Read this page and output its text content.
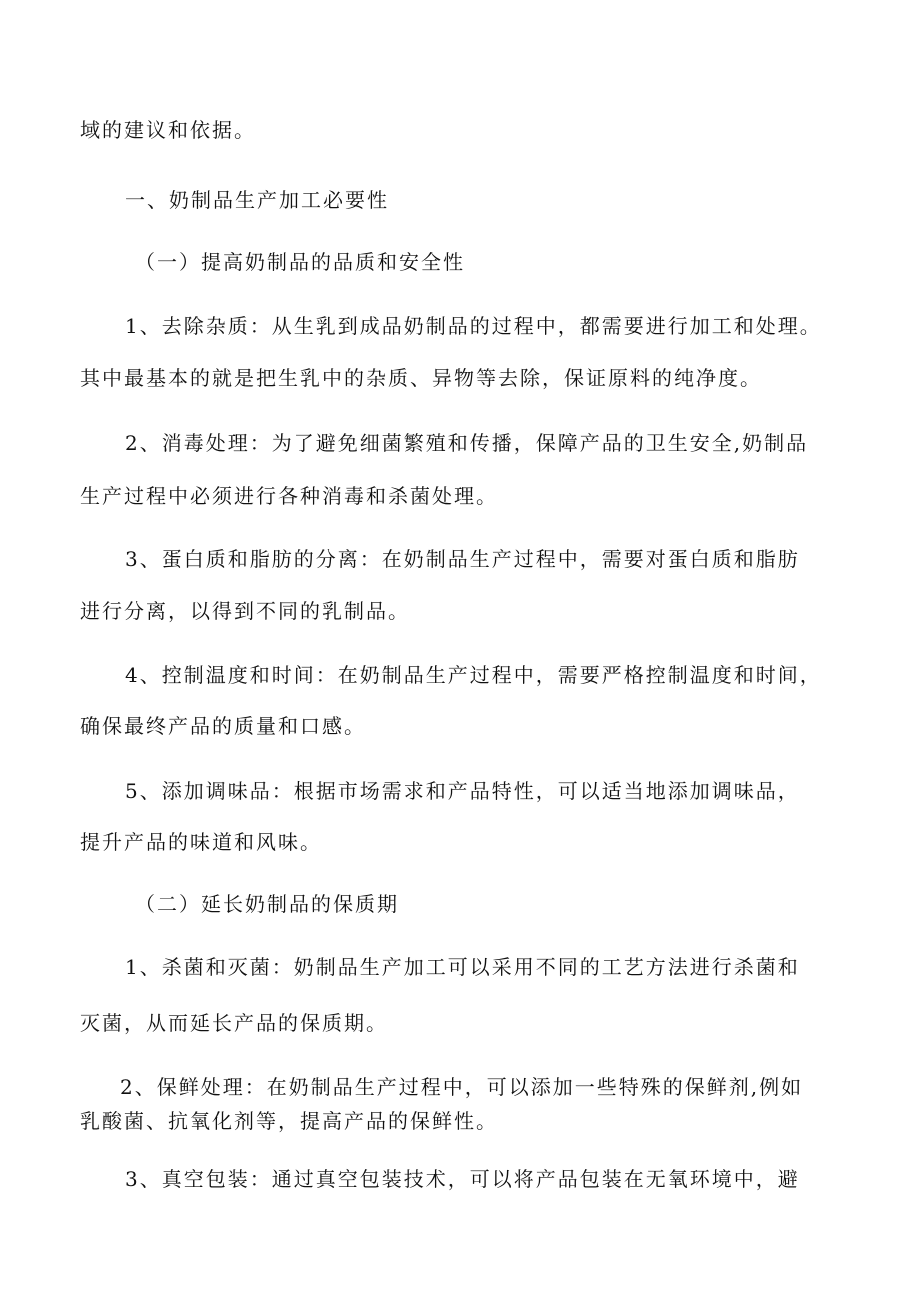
域的建议和依据。
一、奶制品生产加工必要性
（一）提高奶制品的品质和安全性
1、去除杂质：从生乳到成品奶制品的过程中，都需要进行加工和处理。
其中最基本的就是把生乳中的杂质、异物等去除，保证原料的纯净度。
2、消毒处理：为了避免细菌繁殖和传播，保障产品的卫生安全,奶制品
生产过程中必须进行各种消毒和杀菌处理。
3、蛋白质和脂肪的分离：在奶制品生产过程中，需要对蛋白质和脂肪
进行分离，以得到不同的乳制品。
4、控制温度和时间：在奶制品生产过程中，需要严格控制温度和时间，
确保最终产品的质量和口感。
5、添加调味品：根据市场需求和产品特性，可以适当地添加调味品，
提升产品的味道和风味。
（二）延长奶制品的保质期
1、杀菌和灭菌：奶制品生产加工可以采用不同的工艺方法进行杀菌和
灭菌，从而延长产品的保质期。
2、保鲜处理：在奶制品生产过程中，可以添加一些特殊的保鲜剂,例如
乳酸菌、抗氧化剂等，提高产品的保鲜性。
3、真空包装：通过真空包装技术，可以将产品包装在无氧环境中，避
